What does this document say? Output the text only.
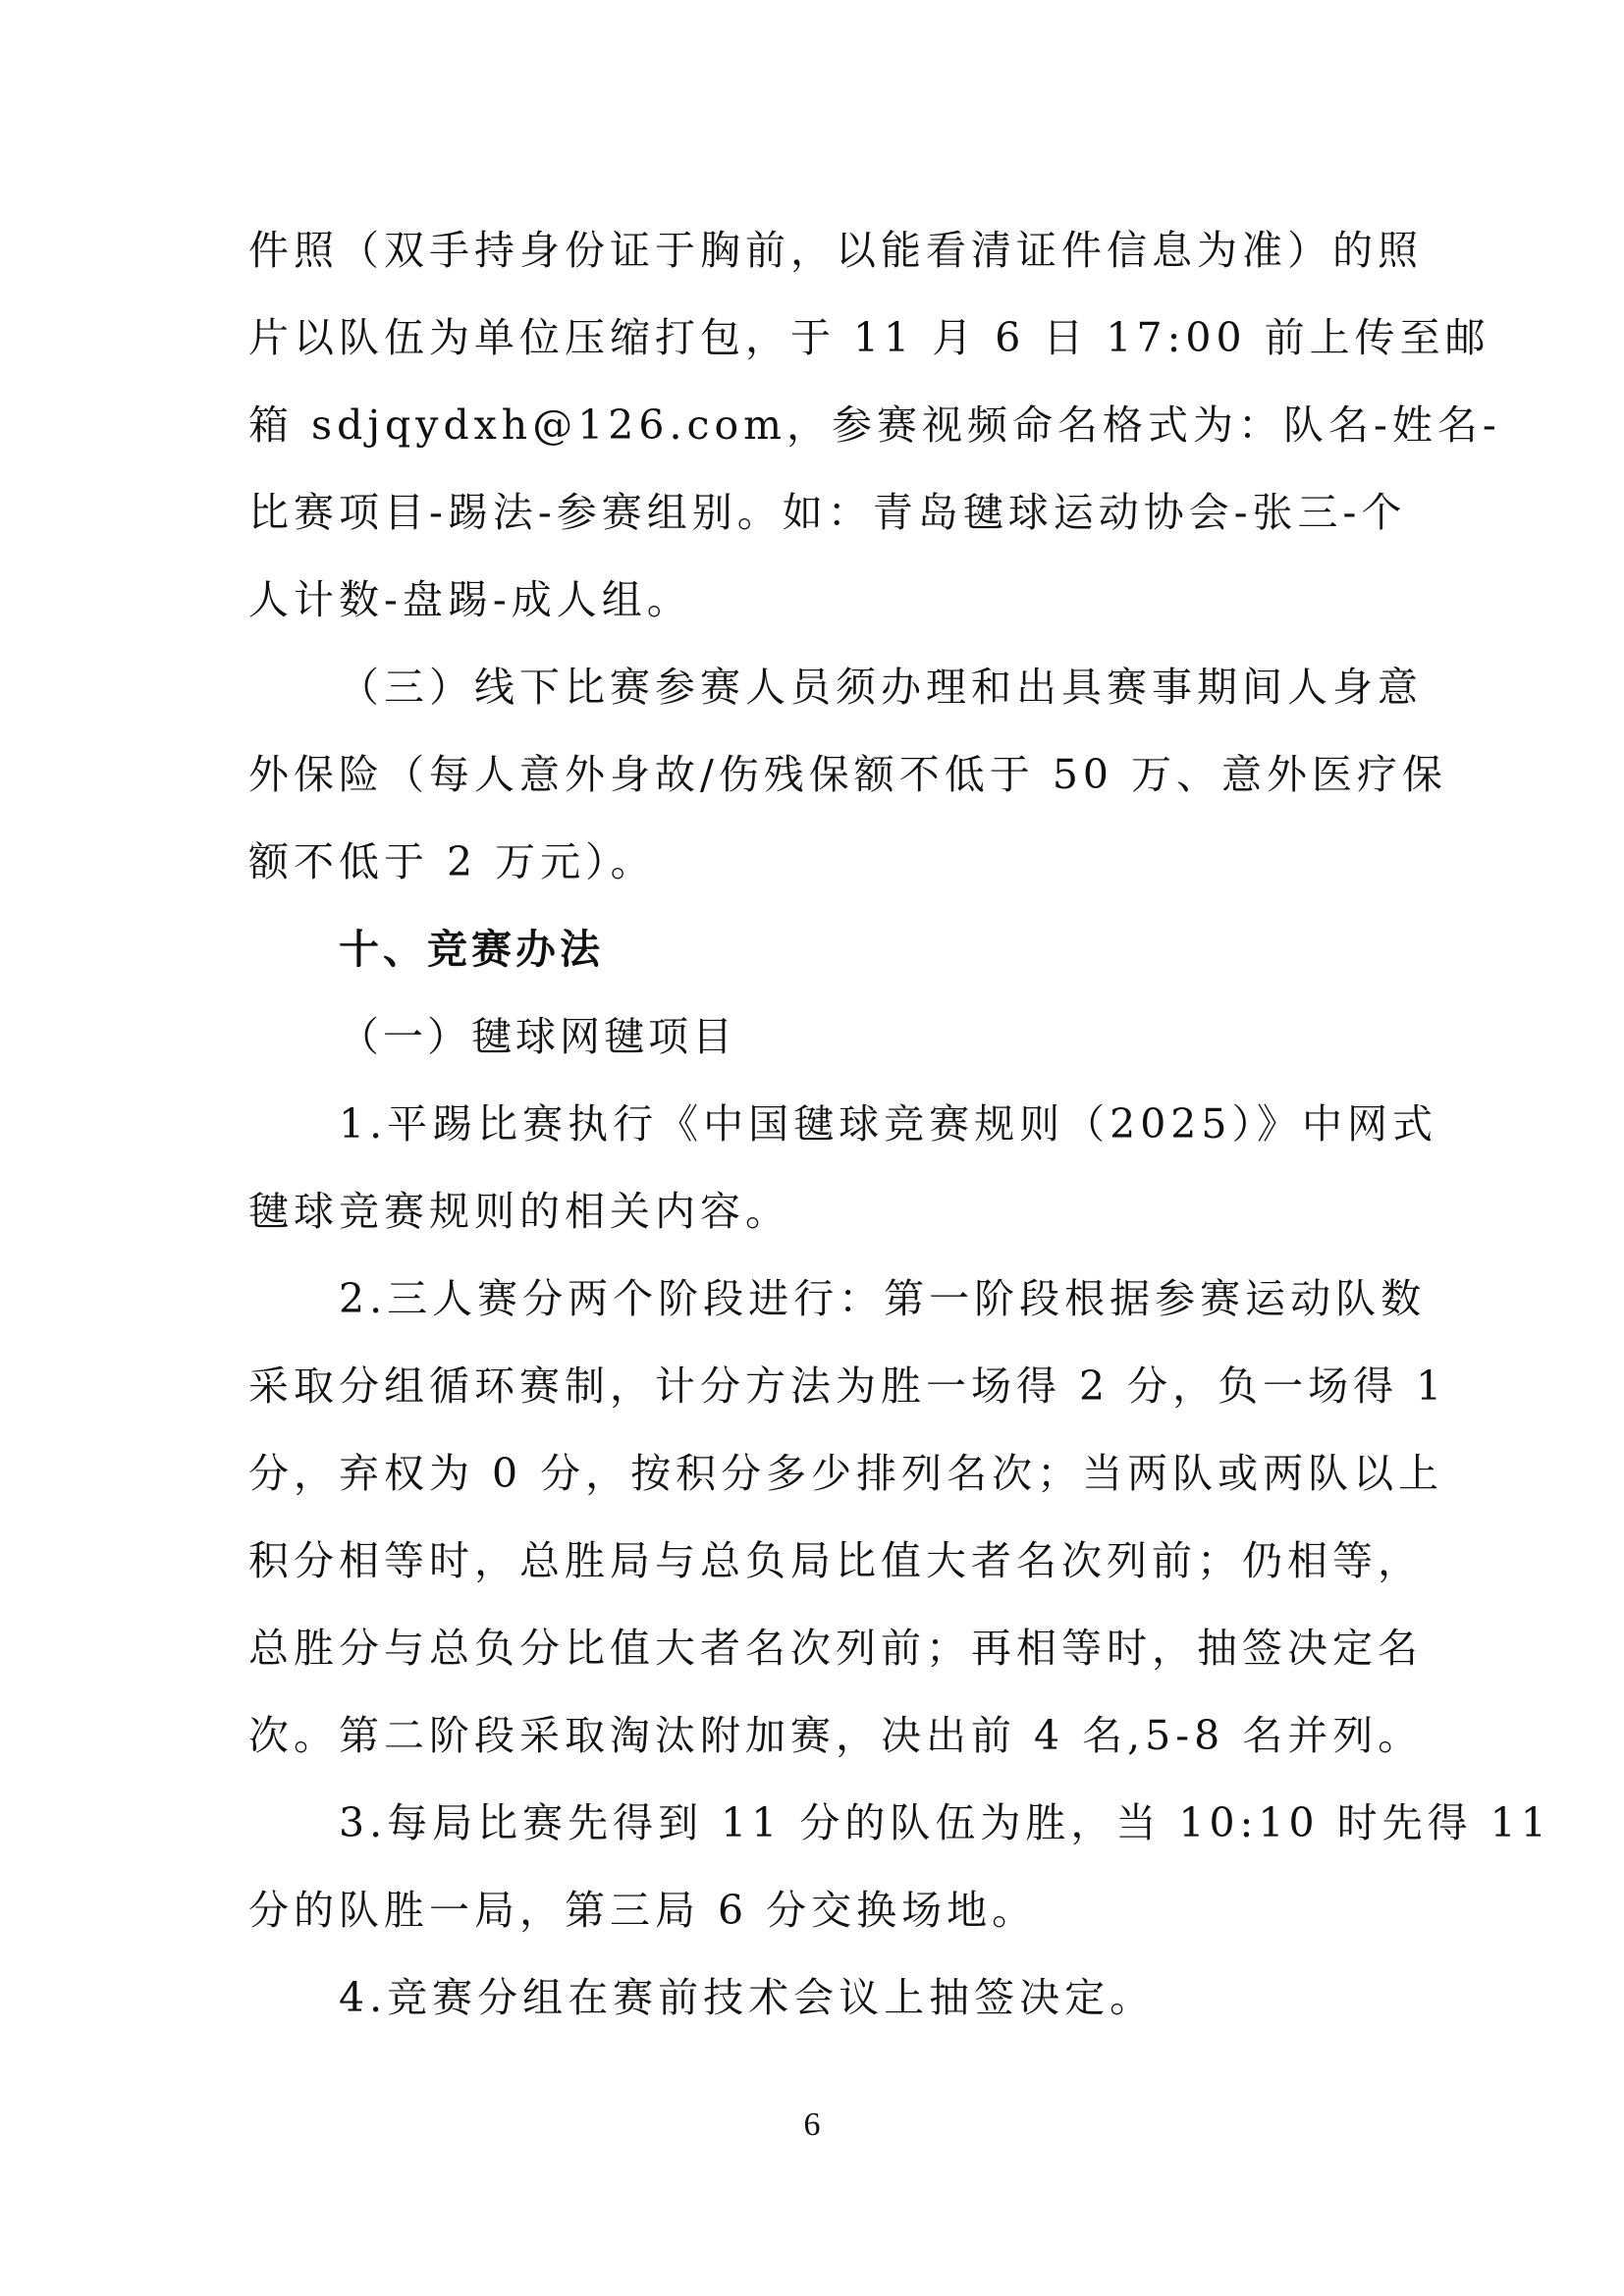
件照（双手持身份证于胸前，以能看清证件信息为准）的照
片以队伍为单位压缩打包，于 11 月 6 日 17:00 前上传至邮
箱 sdjqydxh@126.com，参赛视频命名格式为：队名-姓名-
比赛项目-踢法-参赛组别。如：青岛毽球运动协会-张三-个
人计数-盘踢-成人组。
（三）线下比赛参赛人员须办理和出具赛事期间人身意
外保险（每人意外身故/伤残保额不低于 50 万、意外医疗保
额不低于 2 万元）。
十、竞赛办法
（一）毽球网毽项目
1.平踢比赛执行《中国毽球竞赛规则（2025）》中网式
毽球竞赛规则的相关内容。
2.三人赛分两个阶段进行：第一阶段根据参赛运动队数
采取分组循环赛制，计分方法为胜一场得 2 分，负一场得 1
分，弃权为 0 分，按积分多少排列名次；当两队或两队以上
积分相等时，总胜局与总负局比值大者名次列前；仍相等，
总胜分与总负分比值大者名次列前；再相等时，抽签决定名
次。第二阶段采取淘汰附加赛，决出前 4 名,5-8 名并列。
3.每局比赛先得到 11 分的队伍为胜，当 10:10 时先得 11
分的队胜一局，第三局 6 分交换场地。
4.竞赛分组在赛前技术会议上抽签决定。
6
